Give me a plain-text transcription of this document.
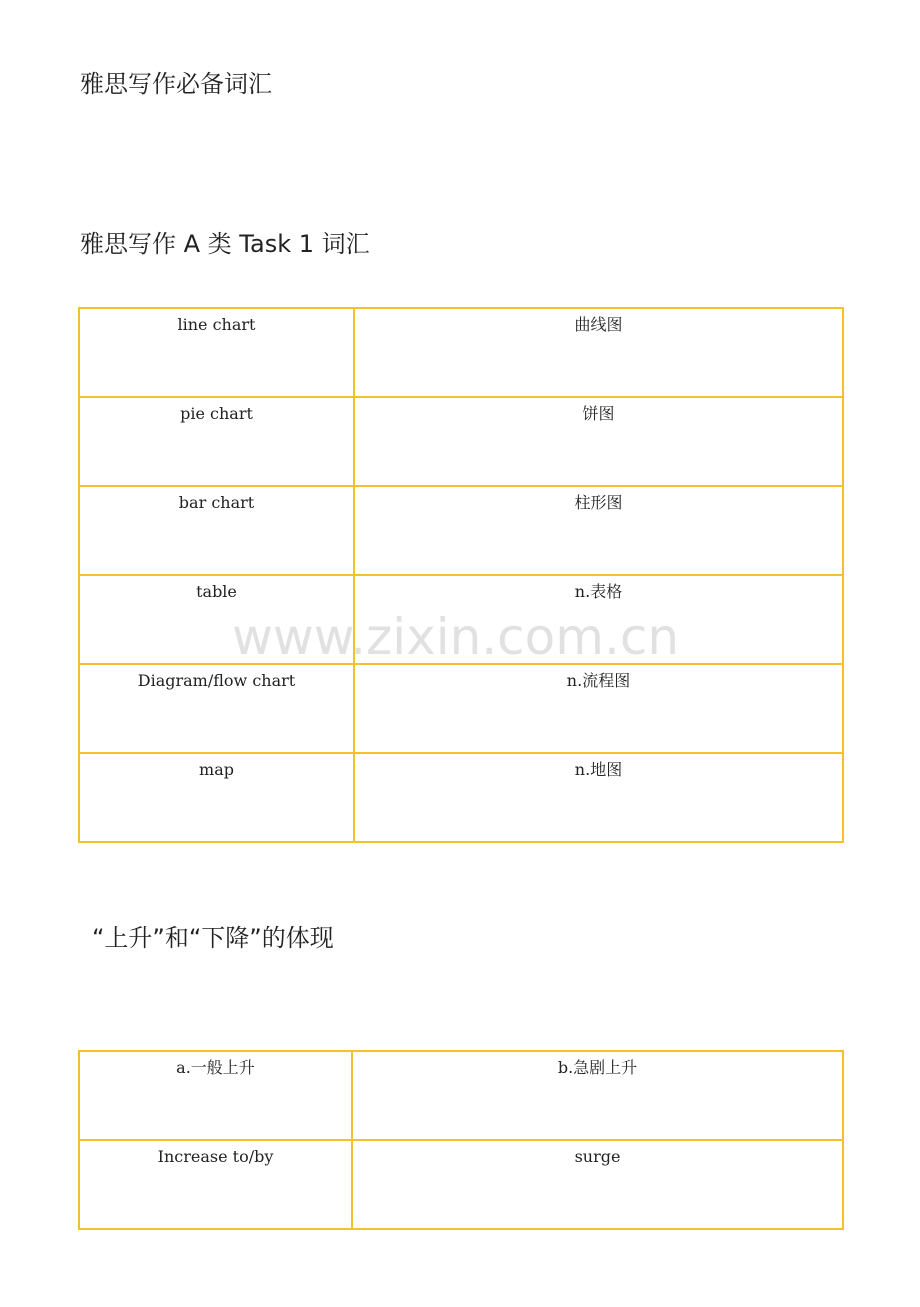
雅思写作必备词汇
雅思写作 A 类 Task 1 词汇
line chart	曲线图
pie chart	饼图
bar chart	柱形图
table	n.表格
Diagram/flow chart	n.流程图
map	n.地图
www.zixin.com.cn
“上升”和“下降”的体现
a.一般上升	b.急剧上升
Increase to/by	surge
